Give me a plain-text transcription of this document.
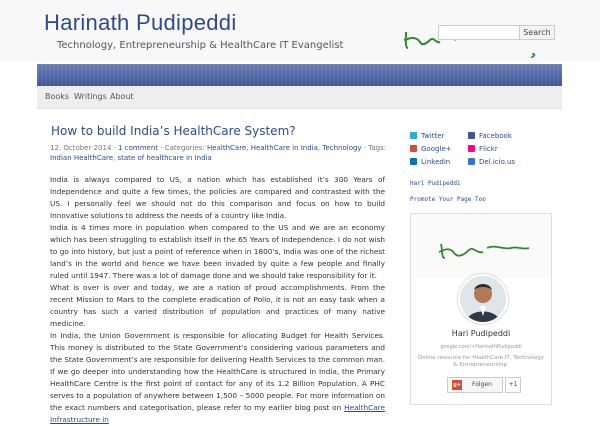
Harinath Pudipeddi
Technology, Entrepreneurship & HealthCare IT Evangelist
Search
Books Writings About
How to build India’s HealthCare System?
12. October 2014 · 1 comment · Categories: HealthCare, HealthCare in India, Technology · Tags: Indian HealthCare, state of healthcare in India

India is always compared to US, a nation which has established it’s 300 Years of Independence and quite a few times, the policies are compared and contrasted with the US. I personally feel we should not do this comparison and focus on how to build Innovative solutions to address the needs of a country like India.

India is 4 times more in population when compared to the US and we are an economy which has been struggling to establish itself in the 65 Years of Independence. I do not wish to go into history, but just a point of reference when in 1800’s, India was one of the richest land’s in the world and hence we have been invaded by quite a few people and finally ruled until 1947. There was a lot of damage done and we should take responsibility for it.

What is over is over and today, we are a nation of proud accomplishments. From the recent Mission to Mars to the complete eradication of Polio, it is not an easy task when a country has such a varied distribution of population and practices of many native medicine.

In India, the Union Government is responsible for allocating Budget for Health Services. This money is distributed to the State Government’s considering various parameters and the State Government’s are responsible for delivering Health Services to the common man.

If we go deeper into understanding how the HealthCare is structured in India, the Primary HealthCare Centre is the first point of contact for any of its 1.2 Billion Population. A PHC serves to a population of anywhere between 1,500 – 5000 people. For more information on the exact numbers and categorisation, please refer to my earlier blog post on HealthCare Infrastructure in

Twitter	Facebook
Google+	Flickr
Linkedin	Del.icio.us
Hari Pudipeddi
Promote Your Page Too
Hari Pudipeddi
google.com/+HarinathPudipeddi
Online resource for HealthCare IT, Technology & Entrepreneurship.
g+ Folgen	+1
